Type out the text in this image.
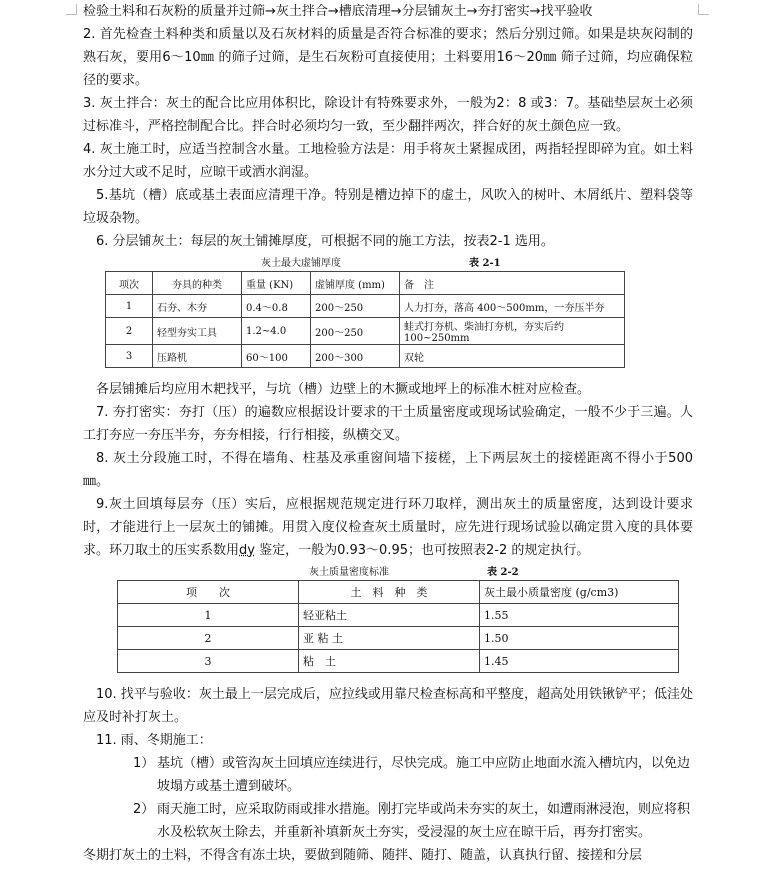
检验土料和石灰粉的质量并过筛→灰土拌合→槽底清理→分层铺灰土→夯打密实→找平验收

2. 首先检查土料种类和质量以及石灰材料的质量是否符合标准的要求；然后分别过筛。如果是块灰闷制的熟石灰，要用6～10㎜ 的筛子过筛，是生石灰粉可直接使用；土料要用16～20㎜ 筛子过筛，均应确保粒径的要求。

3. 灰土拌合：灰土的配合比应用体积比，除设计有特殊要求外，一般为2：8 或3：7。基础垫层灰土必须过标准斗，严格控制配合比。拌合时必须均匀一致，至少翻拌两次，拌合好的灰土颜色应一致。

4. 灰土施工时，应适当控制含水量。工地检验方法是：用手将灰土紧握成团，两指轻捏即碎为宜。如土料水分过大或不足时，应晾干或洒水润湿。

5.基坑（槽）底或基土表面应清理干净。特别是槽边掉下的虚土，风吹入的树叶、木屑纸片、塑料袋等垃圾杂物。

6. 分层铺灰土：每层的灰土铺摊厚度，可根据不同的施工方法，按表2-1 选用。

灰土最大虚铺厚度	表 2-1
项次	夯具的种类	重量 (KN)	虚铺厚度 (mm)	备　注
1	石夯、木夯	0.4～0.8	200～250	人力打夯，落高 400～500mm，一夯压半夯
2	轻型夯实工具	1.2~4.0	200～250	蛙式打夯机、柴油打夯机，夯实后约 100~250mm
3	压路机	60～100	200～300	双轮

各层铺摊后均应用木耙找平，与坑（槽）边壁上的木撅或地坪上的标准木桩对应检查。

7. 夯打密实：夯打（压）的遍数应根据设计要求的干土质量密度或现场试验确定，一般不少于三遍。人工打夯应一夯压半夯，夯夯相接，行行相接，纵横交叉。

8. 灰土分段施工时，不得在墙角、柱基及承重窗间墙下接槎，上下两层灰土的接槎距离不得小于500㎜。

9.灰土回填每层夯（压）实后，应根据规范规定进行环刀取样，测出灰土的质量密度，达到设计要求时，才能进行上一层灰土的铺摊。用贯入度仪检查灰土质量时，应先进行现场试验以确定贯入度的具体要求。环刀取土的压实系数用dy 鉴定，一般为0.93～0.95；也可按照表2-2 的规定执行。

灰土质量密度标准	表 2-2
项　　次	土　料　种　类	灰土最小质量密度 (g/cm3)
1	轻亚粘土	1.55
2	亚 粘 土	1.50
3	粘　土	1.45

10. 找平与验收：灰土最上一层完成后，应拉线或用靠尺检查标高和平整度，超高处用铁锹铲平；低洼处应及时补打灰土。

11. 雨、冬期施工：

1） 基坑（槽）或管沟灰土回填应连续进行，尽快完成。施工中应防止地面水流入槽坑内，以免边坡塌方或基土遭到破坏。
2） 雨天施工时，应采取防雨或排水措施。刚打完毕或尚未夯实的灰土，如遭雨淋浸泡，则应将积水及松软灰土除去，并重新补填新灰土夯实，受浸湿的灰土应在晾干后，再夯打密实。

冬期打灰土的土料，不得含有冻土块，要做到随筛、随拌、随打、随盖，认真执行留、接搓和分层
